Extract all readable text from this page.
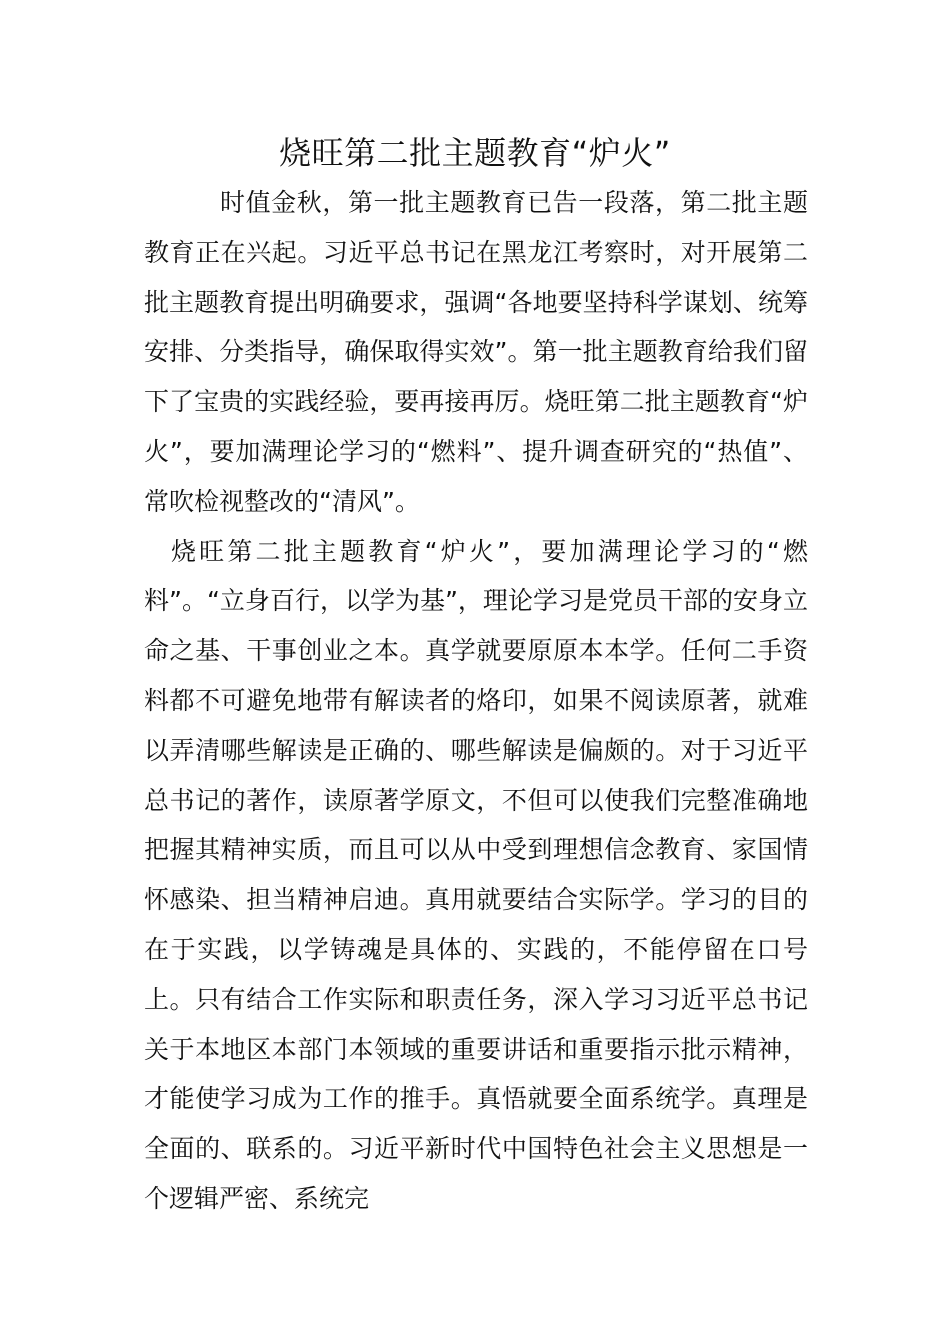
烧旺第二批主题教育“炉火”

时值金秋，第一批主题教育已告一段落，第二批主题教育正在兴起。习近平总书记在黑龙江考察时，对开展第二批主题教育提出明确要求，强调“各地要坚持科学谋划、统筹安排、分类指导，确保取得实效”。第一批主题教育给我们留下了宝贵的实践经验，要再接再厉。烧旺第二批主题教育“炉火”，要加满理论学习的“燃料”、提升调查研究的“热值”、常吹检视整改的“清风”。

烧旺第二批主题教育“炉火”，要加满理论学习的“燃料”。“立身百行，以学为基”，理论学习是党员干部的安身立命之基、干事创业之本。真学就要原原本本学。任何二手资料都不可避免地带有解读者的烙印，如果不阅读原著，就难以弄清哪些解读是正确的、哪些解读是偏颇的。对于习近平总书记的著作，读原著学原文，不但可以使我们完整准确地把握其精神实质，而且可以从中受到理想信念教育、家国情怀感染、担当精神启迪。真用就要结合实际学。学习的目的在于实践，以学铸魂是具体的、实践的，不能停留在口号上。只有结合工作实际和职责任务，深入学习习近平总书记关于本地区本部门本领域的重要讲话和重要指示批示精神，才能使学习成为工作的推手。真悟就要全面系统学。真理是全面的、联系的。习近平新时代中国特色社会主义思想是一个逻辑严密、系统完
